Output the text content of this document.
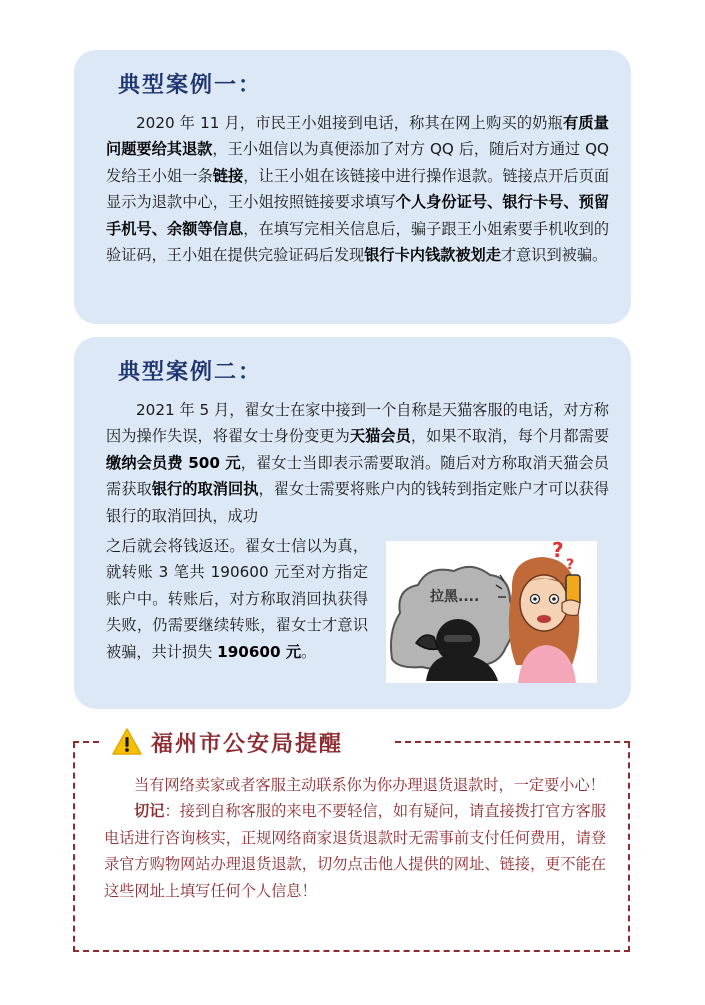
典型案例一：

2020 年 11 月，市民王小姐接到电话，称其在网上购买的奶瓶有质量问题要给其退款，王小姐信以为真便添加了对方 QQ 后，随后对方通过 QQ 发给王小姐一条链接，让王小姐在该链接中进行操作退款。链接点开后页面显示为退款中心，王小姐按照链接要求填写个人身份证号、银行卡号、预留手机号、余额等信息，在填写完相关信息后，骗子跟王小姐索要手机收到的验证码，王小姐在提供完验证码后发现银行卡内钱款被划走才意识到被骗。

典型案例二：

2021 年 5 月，翟女士在家中接到一个自称是天猫客服的电话，对方称因为操作失误，将翟女士身份变更为天猫会员，如果不取消，每个月都需要缴纳会员费 500 元，翟女士当即表示需要取消。随后对方称取消天猫会员需获取银行的取消回执，翟女士需要将账户内的钱转到指定账户才可以获得银行的取消回执，成功

之后就会将钱返还。翟女士信以为真，就转账 3 笔共 190600 元至对方指定账户中。转账后，对方称取消回执获得失败，仍需要继续转账，翟女士才意识被骗，共计损失 190600 元。

拉黑....
?
?
福州市公安局提醒

当有网络卖家或者客服主动联系你为你办理退货退款时，一定要小心！
切记：接到自称客服的来电不要轻信，如有疑问，请直接拨打官方客服电话进行咨询核实，正规网络商家退货退款时无需事前支付任何费用，请登录官方购物网站办理退货退款，切勿点击他人提供的网址、链接，更不能在这些网址上填写任何个人信息！
